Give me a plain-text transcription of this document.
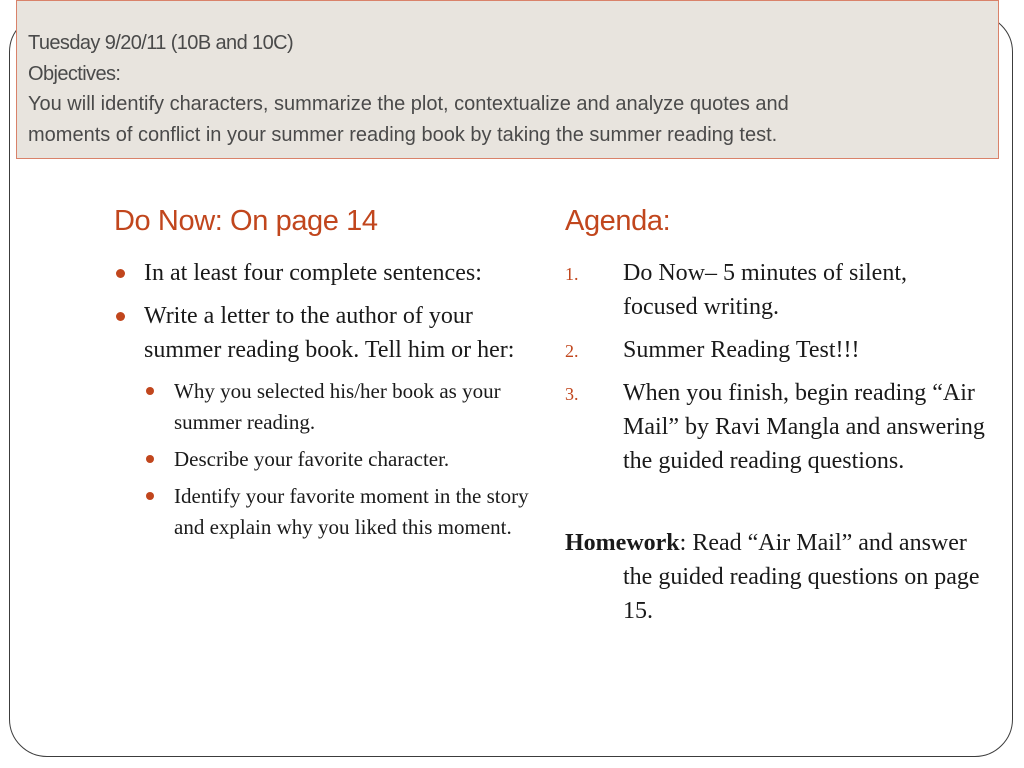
Tuesday 9/20/11 (10B and 10C)
Objectives:
You will identify characters, summarize the plot, contextualize and analyze quotes and
moments of conflict in your summer reading book by taking the summer reading test.
Do Now: On page 14	Agenda:
In at least four complete sentences:
Write a letter to the author of your summer reading book. Tell him or her:
Why you selected his/her book as your summer reading.
Describe your favorite character.
Identify your favorite moment in the story and explain why you liked this moment.
1. Do Now– 5 minutes of silent, focused writing.
2. Summer Reading Test!!!
3. When you finish, begin reading “Air Mail” by Ravi Mangla and answering the guided reading questions.
Homework: Read “Air Mail” and answer the guided reading questions on page 15.
